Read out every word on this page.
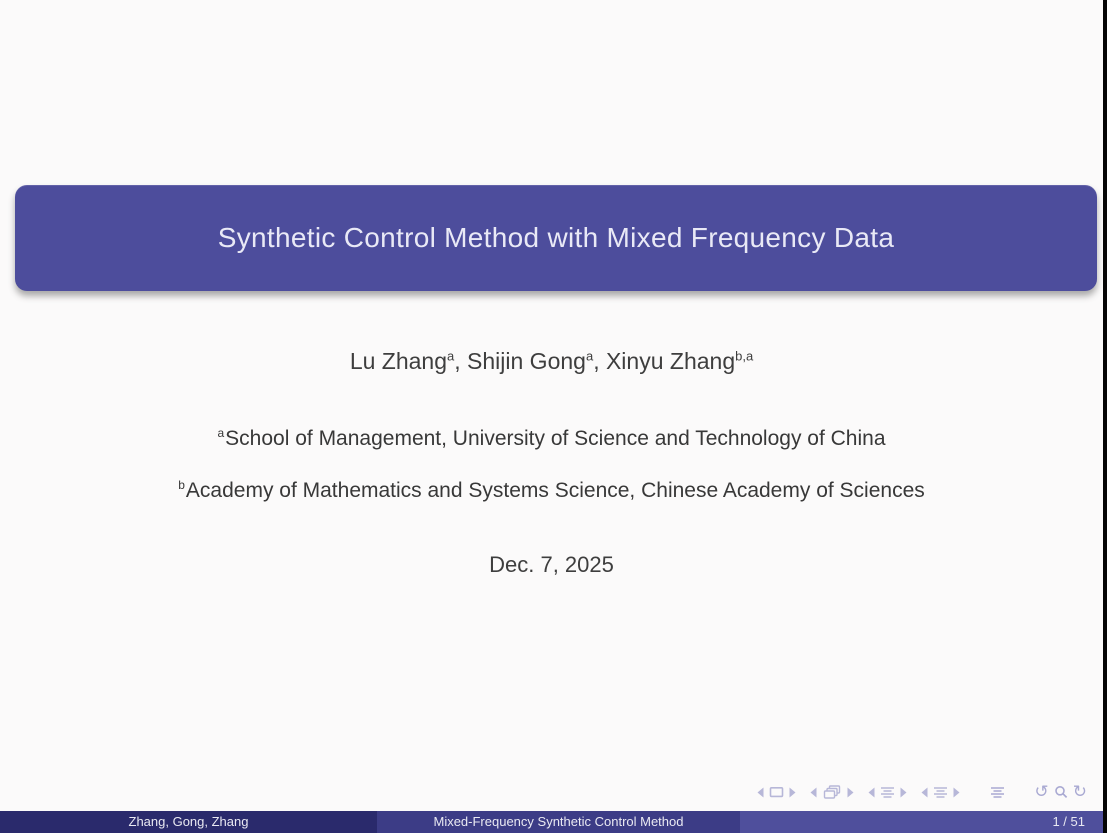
Synthetic Control Method with Mixed Frequency Data
Lu Zhang$^a$, Shijin Gong$^a$, Xinyu Zhang$^{b,a}$
$^a$School of Management, University of Science and Technology of China
$^b$Academy of Mathematics and Systems Science, Chinese Academy of Sciences
Dec. 7, 2025
↺ ↻
Zhang, Gong, Zhang	Mixed-Frequency Synthetic Control Method	1 / 51
